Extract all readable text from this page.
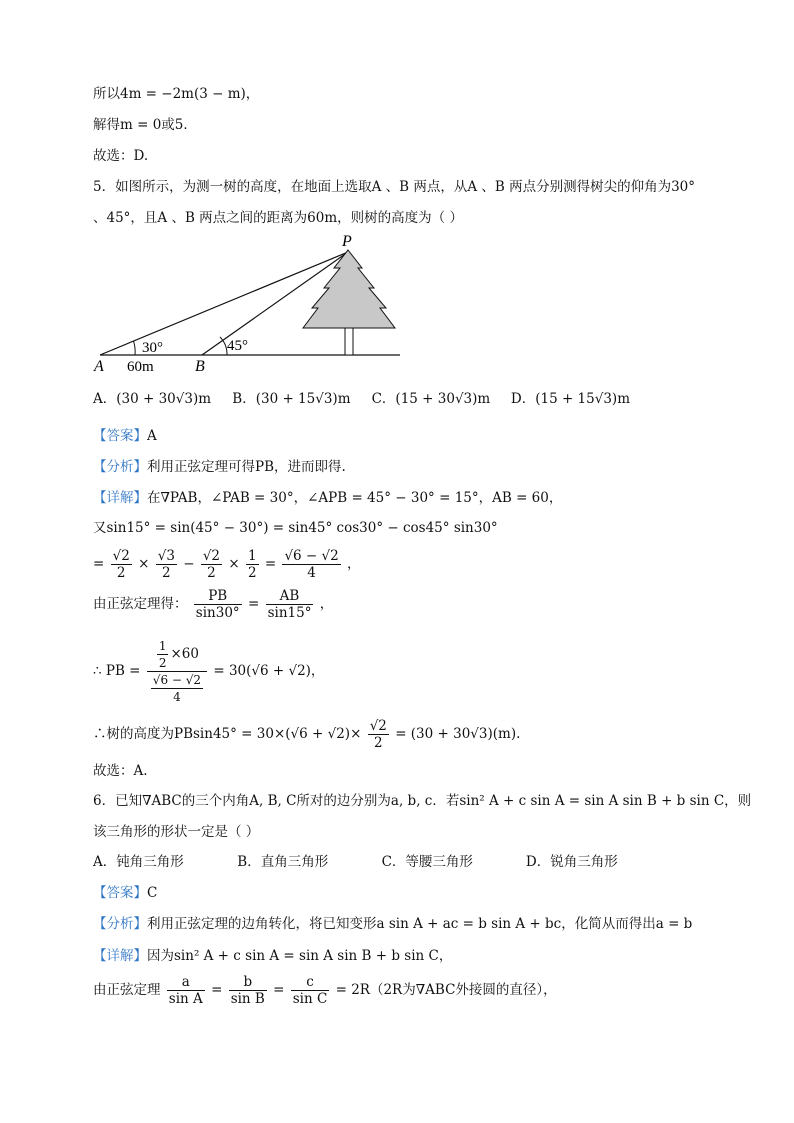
所以4m = −2m(3 − m)，
解得m = 0或5．
故选：D.
5．如图所示，为测一树的高度，在地面上选取A 、B 两点，从A 、B 两点分别测得树尖的仰角为30°
、45°，且A 、B 两点之间的距离为60m，则树的高度为（ ）
P
A	B
30°	45°
60m
A．(30 + 30√3)m B．(30 + 15√3)m C．(15 + 30√3)m D．(15 + 15√3)m
【答案】A
【分析】利用正弦定理可得PB，进而即得.
【详解】在∇PAB，∠PAB = 30°，∠APB = 45° − 30° = 15°，AB = 60，
又sin15° = sin(45° − 30°) = sin45° cos30° − cos45° sin30°
= $\frac{√2}{2} \times \frac{√3}{2} - \frac{√2}{2} \times \frac{1}{2} = \frac{√6 - √2}{4}$ ，
由正弦定理得： $\frac{PB}{\sin 30^\circ} = \frac{AB}{\sin 15^\circ}$ ，
∴ PB = $\frac{\frac{1}{2} \times 60}{\frac{√6 - √2}{4}} = 30(√6 + √2)$，
∴树的高度为$PBsin45^\circ = 30\times(√6 + √2)\times \frac{√2}{2} = (30 + 30√3)(m)$.
故选：A.
6．已知∇ABC的三个内角A, B, C所对的边分别为a, b, c．若sin² A + c sin A = sin A sin B + b sin C，则
该三角形的形状一定是（ ）
A．钝角三角形	B．直角三角形	C．等腰三角形	D．锐角三角形
【答案】C
【分析】利用正弦定理的边角转化，将已知变形a sin A + ac = b sin A + bc，化简从而得出a = b
【详解】因为sin² A + c sin A = sin A sin B + b sin C，
由正弦定理 $\frac{a}{\text{sin A}} = \frac{b}{\text{sin B}} = \frac{c}{\text{sin C}} = 2R(2R$为∇ABC外接圆的直径），
